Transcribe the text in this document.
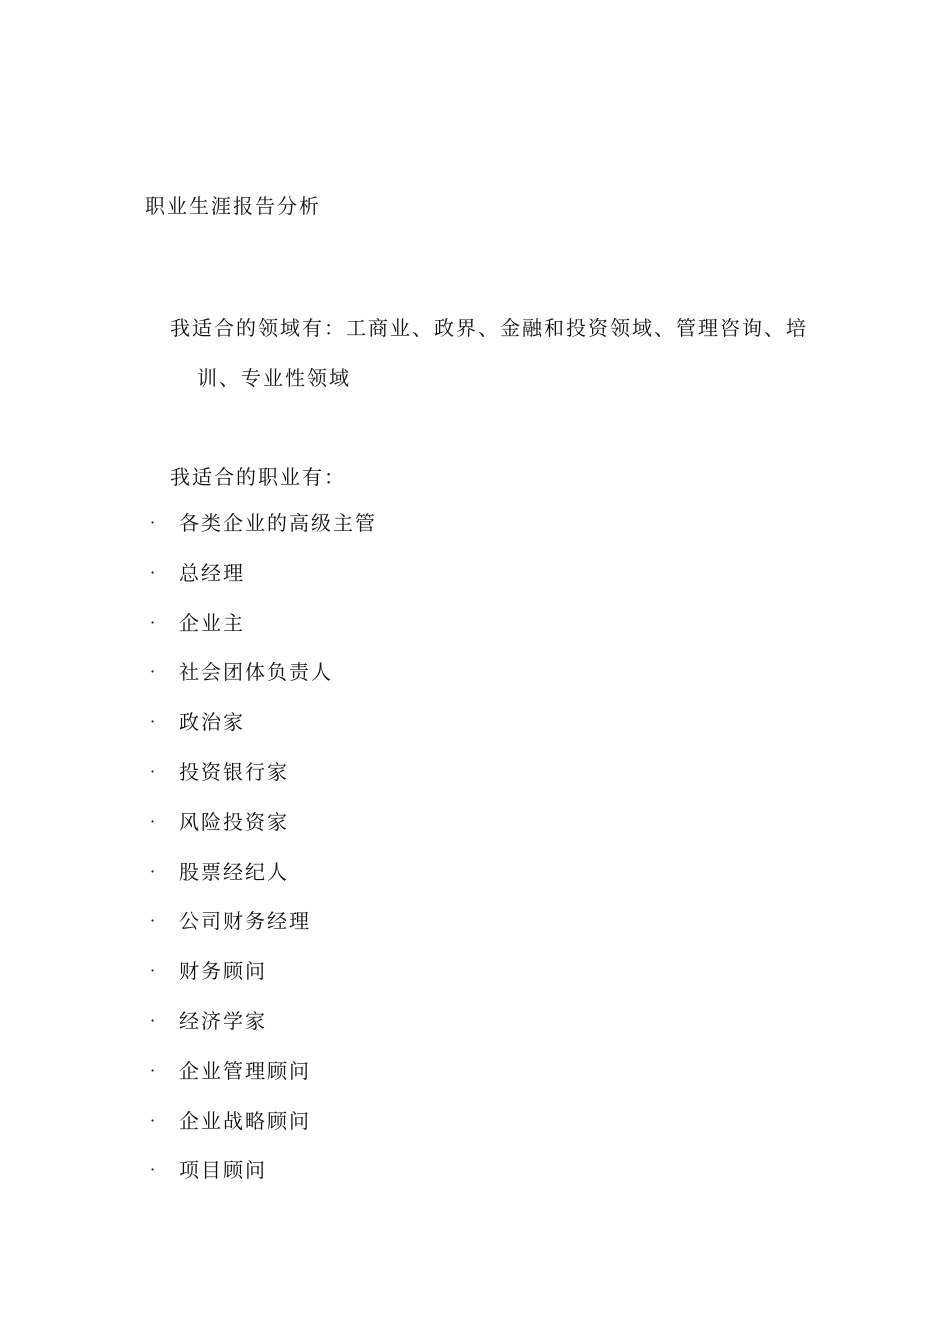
职业生涯报告分析
我适合的领域有：工商业、政界、金融和投资领域、管理咨询、培
训、专业性领域
我适合的职业有：
·	各类企业的高级主管
·	总经理
·	企业主
·	社会团体负责人
·	政治家
·	投资银行家
·	风险投资家
·	股票经纪人
·	公司财务经理
·	财务顾问
·	经济学家
·	企业管理顾问
·	企业战略顾问
·	项目顾问
